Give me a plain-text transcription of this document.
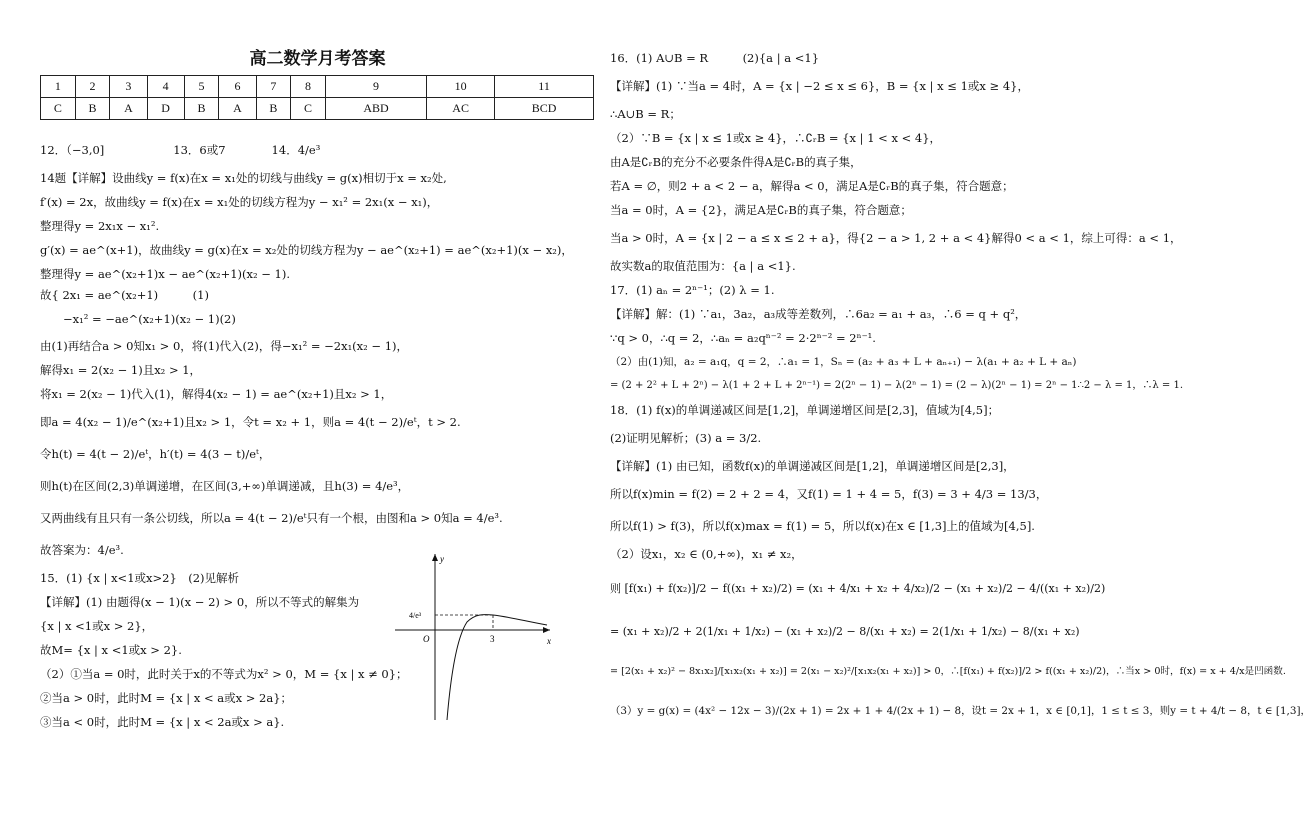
高二数学月考答案
1	2	3	4	5	6	7	8	9	10	11
C	B	A	D	B	A	B	C	ABD	AC	BCD
12．（−3,0]　　　　　　13．6或7　　　　14．4/e³
14题【详解】设曲线y = f(x)在x = x₁处的切线与曲线y = g(x)相切于x = x₂处,
f′(x) = 2x，故曲线y = f(x)在x = x₁处的切线方程为y − x₁² = 2x₁(x − x₁)，
整理得y = 2x₁x − x₁².
g′(x) = ae^(x+1)，故曲线y = g(x)在x = x₂处的切线方程为y − ae^(x₂+1) = ae^(x₂+1)(x − x₂)，
整理得y = ae^(x₂+1)x − ae^(x₂+1)(x₂ − 1).
故{ 2x₁ = ae^(x₂+1)　　　(1)
　　−x₁² = −ae^(x₂+1)(x₂ − 1)(2)
由(1)再结合a > 0知x₁ > 0，将(1)代入(2)，得−x₁² = −2x₁(x₂ − 1)，
解得x₁ = 2(x₂ − 1)且x₂ > 1，
将x₁ = 2(x₂ − 1)代入(1)，解得4(x₂ − 1) = ae^(x₂+1)且x₂ > 1，
即a = 4(x₂ − 1)/e^(x₂+1)且x₂ > 1，令t = x₂ + 1，则a = 4(t − 2)/eᵗ，t > 2.
令h(t) = 4(t − 2)/eᵗ，h′(t) = 4(3 − t)/eᵗ，
则h(t)在区间(2,3)单调递增，在区间(3,+∞)单调递减，且h(3) = 4/e³，
又两曲线有且只有一条公切线，所以a = 4(t − 2)/eᵗ只有一个根，由图和a > 0知a = 4/e³.
故答案为：4/e³.
15．(1) {x | x<1或x>2}　(2)见解析
【详解】(1) 由题得(x − 1)(x − 2) > 0，所以不等式的解集为
{x | x <1或x > 2}，
故M= {x | x <1或x > 2}.
（2）①当a = 0时，此时关于x的不等式为x² > 0，M = {x | x ≠ 0}；
②当a > 0时，此时M = {x | x < a或x > 2a}；
③当a < 0时，此时M = {x | x < 2a或x > a}.
y
x
O
4/e³
3
16．(1) A∪B = R　　　(2){a | a <1}
【详解】(1) ∵当a = 4时，A = {x | −2 ≤ x ≤ 6}，B = {x | x ≤ 1或x ≥ 4}，
∴A∪B = R；
（2）∵B = {x | x ≤ 1或x ≥ 4}，∴∁ᵣB = {x | 1 < x < 4}，
由A是∁ᵣB的充分不必要条件得A是∁ᵣB的真子集，
若A = ∅，则2 + a < 2 − a，解得a < 0，满足A是∁ᵣB的真子集，符合题意；
当a = 0时，A = {2}，满足A是∁ᵣB的真子集，符合题意；
当a > 0时，A = {x | 2 − a ≤ x ≤ 2 + a}，得{2 − a > 1, 2 + a < 4}解得0 < a < 1，综上可得：a < 1，
故实数a的取值范围为：{a | a <1}.
17．(1) aₙ = 2ⁿ⁻¹；(2) λ = 1.
【详解】解：(1) ∵a₁，3a₂，a₃成等差数列，∴6a₂ = a₁ + a₃，∴6 = q + q²，
∵q > 0，∴q = 2，∴aₙ = a₂qⁿ⁻² = 2·2ⁿ⁻² = 2ⁿ⁻¹.
（2）由(1)知，a₂ = a₁q，q = 2，∴a₁ = 1，Sₙ = (a₂ + a₃ + L + aₙ₊₁) − λ(a₁ + a₂ + L + aₙ)
= (2 + 2² + L + 2ⁿ) − λ(1 + 2 + L + 2ⁿ⁻¹) = 2(2ⁿ − 1) − λ(2ⁿ − 1) = (2 − λ)(2ⁿ − 1) = 2ⁿ − 1∴2 − λ = 1，∴λ = 1.
18．(1) f(x)的单调递减区间是[1,2]，单调递增区间是[2,3]，值域为[4,5]；
(2)证明见解析；(3) a = 3/2.
【详解】(1) 由已知，函数f(x)的单调递减区间是[1,2]，单调递增区间是[2,3]，
所以f(x)min = f(2) = 2 + 2 = 4，又f(1) = 1 + 4 = 5，f(3) = 3 + 4/3 = 13/3，
所以f(1) > f(3)，所以f(x)max = f(1) = 5，所以f(x)在x ∈ [1,3]上的值域为[4,5].
（2）设x₁，x₂ ∈ (0,+∞)，x₁ ≠ x₂，
则 [f(x₁) + f(x₂)]/2 − f((x₁ + x₂)/2) = (x₁ + 4/x₁ + x₂ + 4/x₂)/2 − (x₁ + x₂)/2 − 4/((x₁ + x₂)/2)
= (x₁ + x₂)/2 + 2(1/x₁ + 1/x₂) − (x₁ + x₂)/2 − 8/(x₁ + x₂) = 2(1/x₁ + 1/x₂) − 8/(x₁ + x₂)
= [2(x₁ + x₂)² − 8x₁x₂]/[x₁x₂(x₁ + x₂)] = 2(x₁ − x₂)²/[x₁x₂(x₁ + x₂)] > 0，∴[f(x₁) + f(x₂)]/2 > f((x₁ + x₂)/2)，∴当x > 0时，f(x) = x + 4/x是凹函数.
（3）y = g(x) = (4x² − 12x − 3)/(2x + 1) = 2x + 1 + 4/(2x + 1) − 8，设t = 2x + 1，x ∈ [0,1]，1 ≤ t ≤ 3，则y = t + 4/t − 8，t ∈ [1,3]，
